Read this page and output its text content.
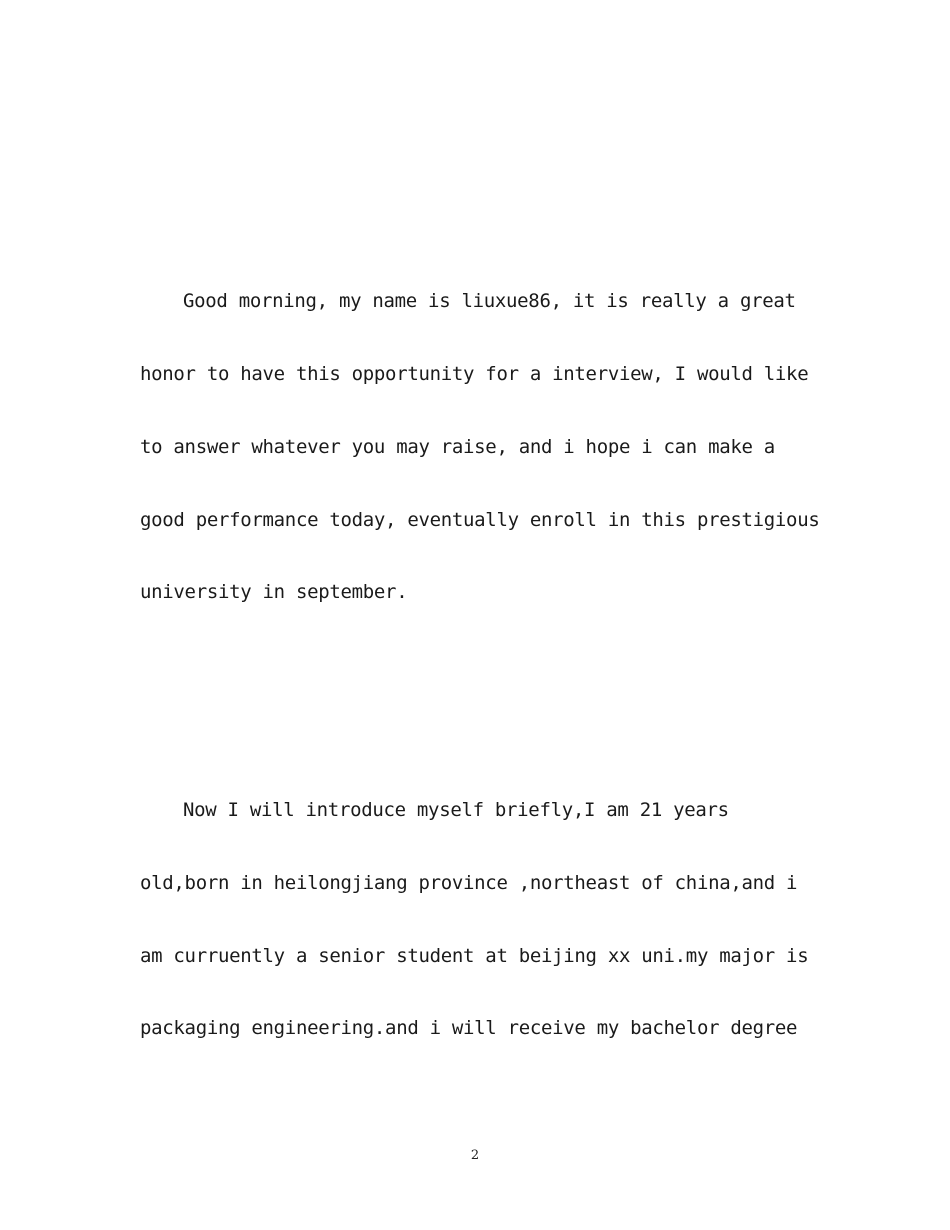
Good morning, my name is liuxue86, it is really a great
honor to have this opportunity for a interview, I would like
to answer whatever you may raise, and i hope i can make a
good performance today, eventually enroll in this prestigious
university in september.
Now I will introduce myself briefly,I am 21 years
old,born in heilongjiang province ,northeast of china,and i
am curruently a senior student at beijing xx uni.my major is
packaging engineering.and i will receive my bachelor degree
2
